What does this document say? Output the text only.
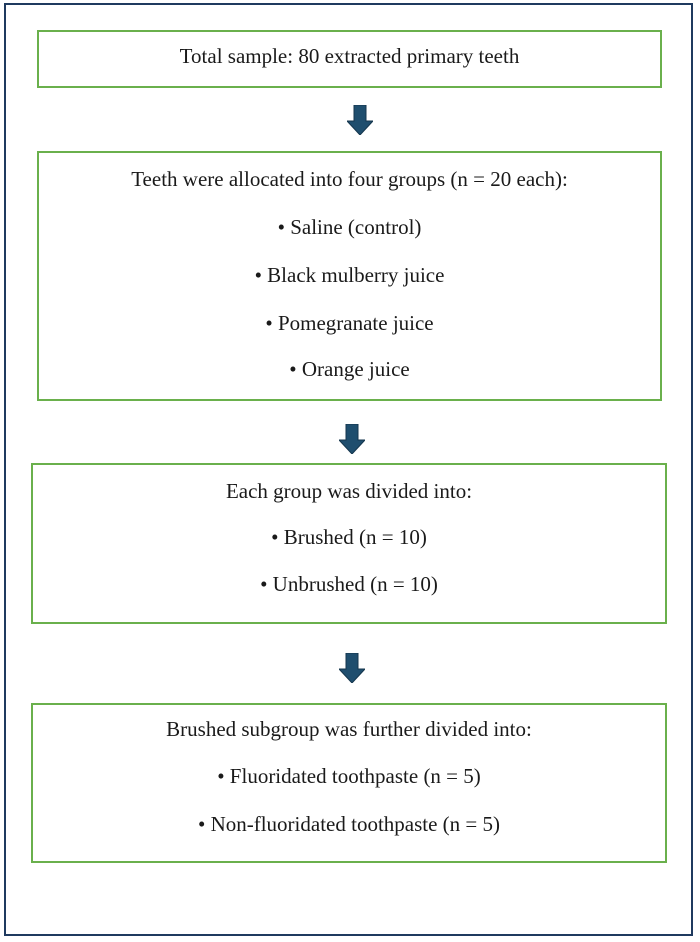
Total sample: 80 extracted primary teeth
Teeth were allocated into four groups (n = 20 each):
• Saline (control)
• Black mulberry juice
• Pomegranate juice
• Orange juice
Each group was divided into:
• Brushed (n = 10)
• Unbrushed (n = 10)
Brushed subgroup was further divided into:
• Fluoridated toothpaste (n = 5)
• Non-fluoridated toothpaste (n = 5)
